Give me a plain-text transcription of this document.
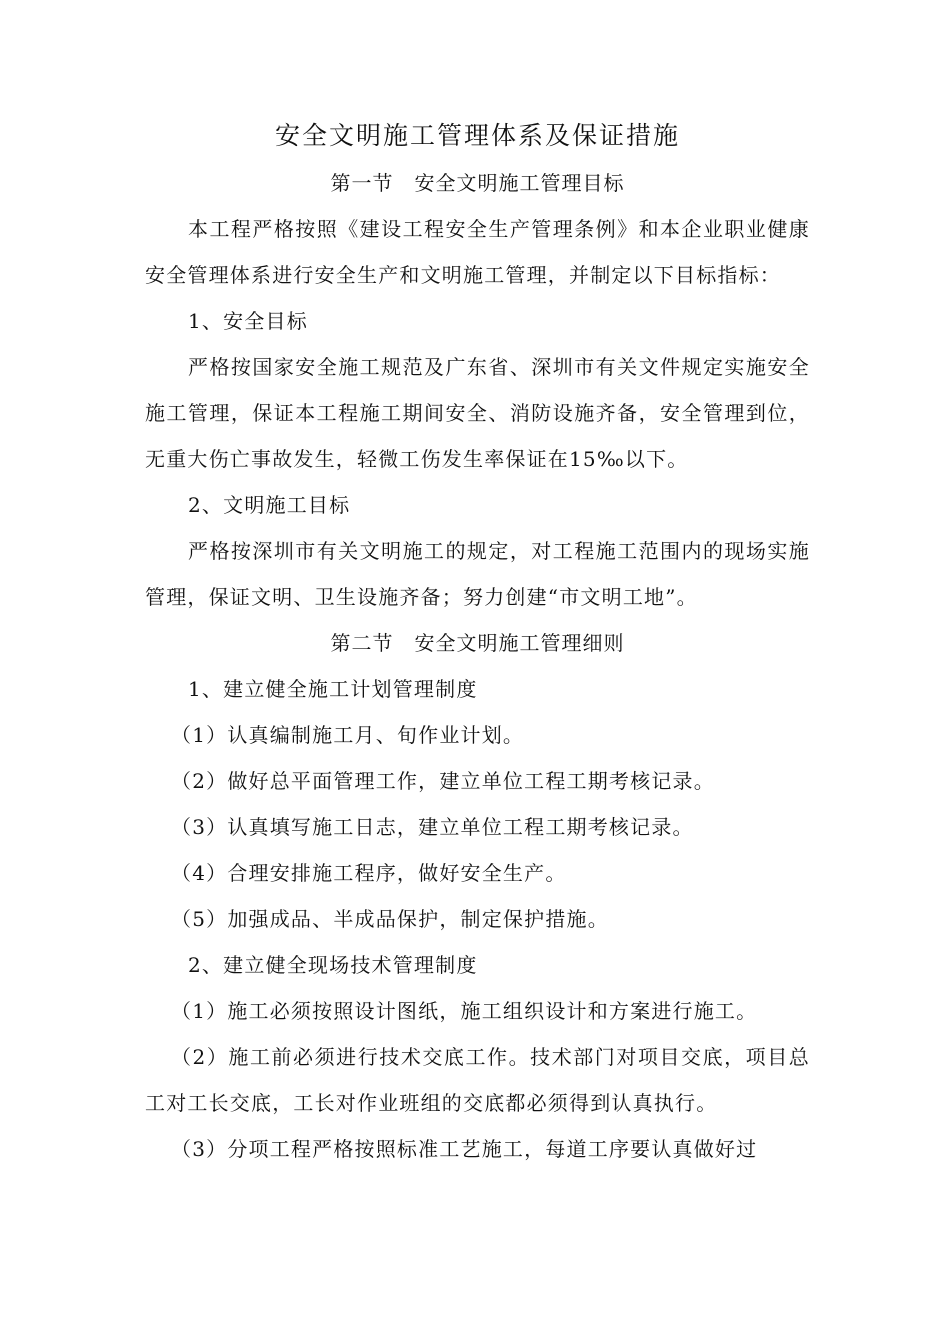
安全文明施工管理体系及保证措施
第一节　安全文明施工管理目标

本工程严格按照《建设工程安全生产管理条例》和本企业职业健康安全管理体系进行安全生产和文明施工管理，并制定以下目标指标：

1、安全目标

严格按国家安全施工规范及广东省、深圳市有关文件规定实施安全施工管理，保证本工程施工期间安全、消防设施齐备，安全管理到位，无重大伤亡事故发生，轻微工伤发生率保证在15‰以下。

2、文明施工目标

严格按深圳市有关文明施工的规定，对工程施工范围内的现场实施管理，保证文明、卫生设施齐备；努力创建“市文明工地”。

第二节　安全文明施工管理细则

1、建立健全施工计划管理制度

（1）认真编制施工月、旬作业计划。

（2）做好总平面管理工作，建立单位工程工期考核记录。

（3）认真填写施工日志，建立单位工程工期考核记录。

（4）合理安排施工程序，做好安全生产。

（5）加强成品、半成品保护，制定保护措施。

2、建立健全现场技术管理制度

（1）施工必须按照设计图纸，施工组织设计和方案进行施工。

（2）施工前必须进行技术交底工作。技术部门对项目交底，项目总工对工长交底，工长对作业班组的交底都必须得到认真执行。

（3）分项工程严格按照标准工艺施工，每道工序要认真做好过
